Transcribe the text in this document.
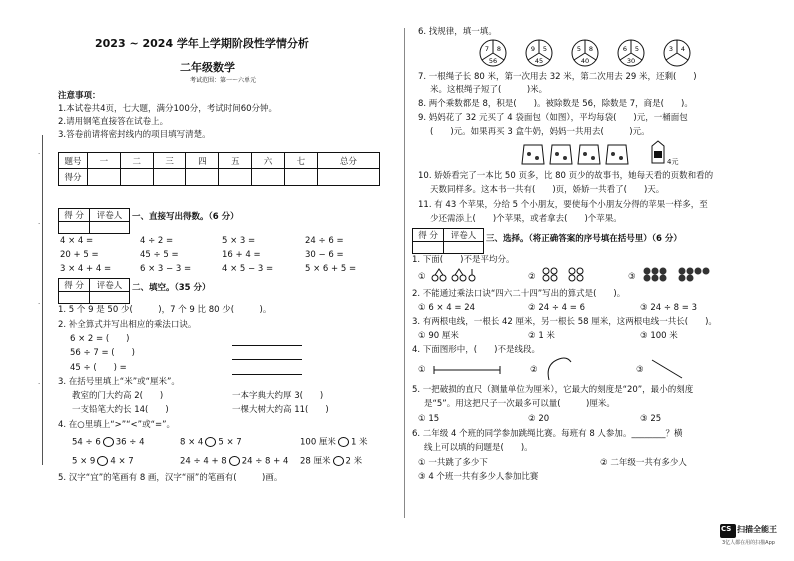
·
·
·
·
2023 ~ 2024 学年上学期阶段性学情分析
二年级数学
考试范围：第一～六单元
注意事项：
1.本试卷共4页，七大题，满分100分，考试时间60分钟。
2.请用钢笔直接答在试卷上。
3.答卷前请将密封线内的项目填写清楚。
题号	一	二	三	四	五	六	七	总分
得分								
得 分	评卷人
	一、直接写出得数。（6 分）
4 × 4 =	4 ÷ 2 =	5 × 3 =	24 ÷ 6 =
20 + 5 =	45 ÷ 5 =	16 + 4 =	30 − 6 =
3 × 4 + 4 =	6 × 3 − 3 =	4 × 5 − 3 =	5 × 6 + 5 =
得 分	评卷人
	二、填空。（35 分）
1. 5 个 9 是 50 少(　　　)，7 个 9 比 80 少(　　　)。
2. 补全算式并写出相应的乘法口诀。
6 × 2 = (　　)
56 ÷ 7 = (　　)
45 ÷ (　　) =
3. 在括号里填上“米”或“厘米”。
教室的门大约高 2(　　)	一本字典大约厚 3(　　)
一支铅笔大约长 14(　　)	一棵大树大约高 11(　　)
4. 在○里填上“>”“<”或“=”。
54 ÷ 6 36 ÷ 4	8 × 4 5 × 7	100 厘米 1 米
5 × 9 4 × 7	24 ÷ 4 + 8 24 ÷ 8 + 4 28 厘米 2 米
5. 汉字“宜”的笔画有 8 画，汉字“丽”的笔画有(　　　)画。
6. 找规律，填一填。
7 8
56
9 5
45
5 8
40
6 5
30
3 4
7. 一根绳子长 80 米，第一次用去 32 米，第二次用去 29 米，还剩(　　)
米。这根绳子短了(　　　)米。
8. 两个乘数都是 8，积是(　　)。被除数是 56，除数是 7，商是(　　)。
9. 妈妈花了 32 元买了 4 袋面包（如图），平均每袋(　　)元，一桶面包
(　　)元。如果再买 3 盒牛奶，妈妈一共用去(　　　)元。
4元
10. 娇娇看完了一本比 50 页多，比 80 页少的故事书，她每天看的页数和看的
天数同样多。这本书一共有(　　)页，娇娇一共看了(　　)天。
11. 有 43 个苹果，分给 5 个小朋友，要使每个小朋友分得的苹果一样多，至
少还需添上(　　)个苹果，或者拿去(　　)个苹果。
得 分	评卷人
	三、选择。（将正确答案的序号填在括号里）（6 分）
1. 下面(　　)不是平均分。
①	②	③
2. 不能通过乘法口诀“四六二十四”写出的算式是(　　)。
① 6 × 4 = 24	② 24 ÷ 4 = 6	③ 24 ÷ 8 = 3
3. 有两根电线，一根长 42 厘米，另一根长 58 厘米，这两根电线一共长(　　)。
① 90 厘米	② 1 米	③ 100 米
4. 下面图形中，(　　)不是线段。
①	②	③
5. 一把破损的直尺（测量单位为厘米），它最大的刻度是“20”，最小的刻度
是“5”。用这把尺子一次最多可以量(　　　)厘米。
① 15	② 20	③ 25
6. 二年级 4 个班的同学参加跳绳比赛。每班有 8 人参加。________？横
线上可以填的问题是(　　)。
① 一共跳了多少下	② 二年级一共有多少人
③ 4 个班一共有多少人参加比赛
CS 扫描全能王
3亿人都在用的扫描App
